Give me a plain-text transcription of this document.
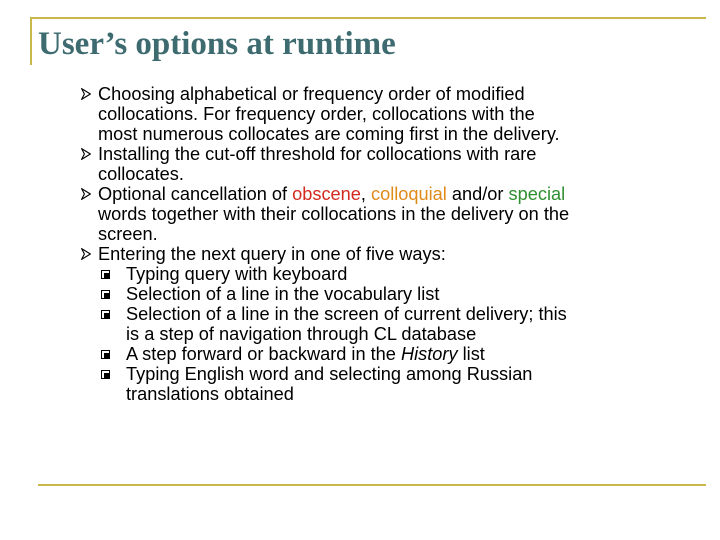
User’s options at runtime
Choosing alphabetical or frequency order of modified
collocations. For frequency order, collocations with the
most numerous collocates are coming first in the delivery.
Installing the cut-off threshold for collocations with rare
collocates.
Optional cancellation of obscene, colloquial and/or special
words together with their collocations in the delivery on the
screen.
Entering the next query in one of five ways:
Typing query with keyboard
Selection of a line in the vocabulary list
Selection of a line in the screen of current delivery; this
is a step of navigation through CL database
A step forward or backward in the History list
Typing English word and selecting among Russian
translations obtained
